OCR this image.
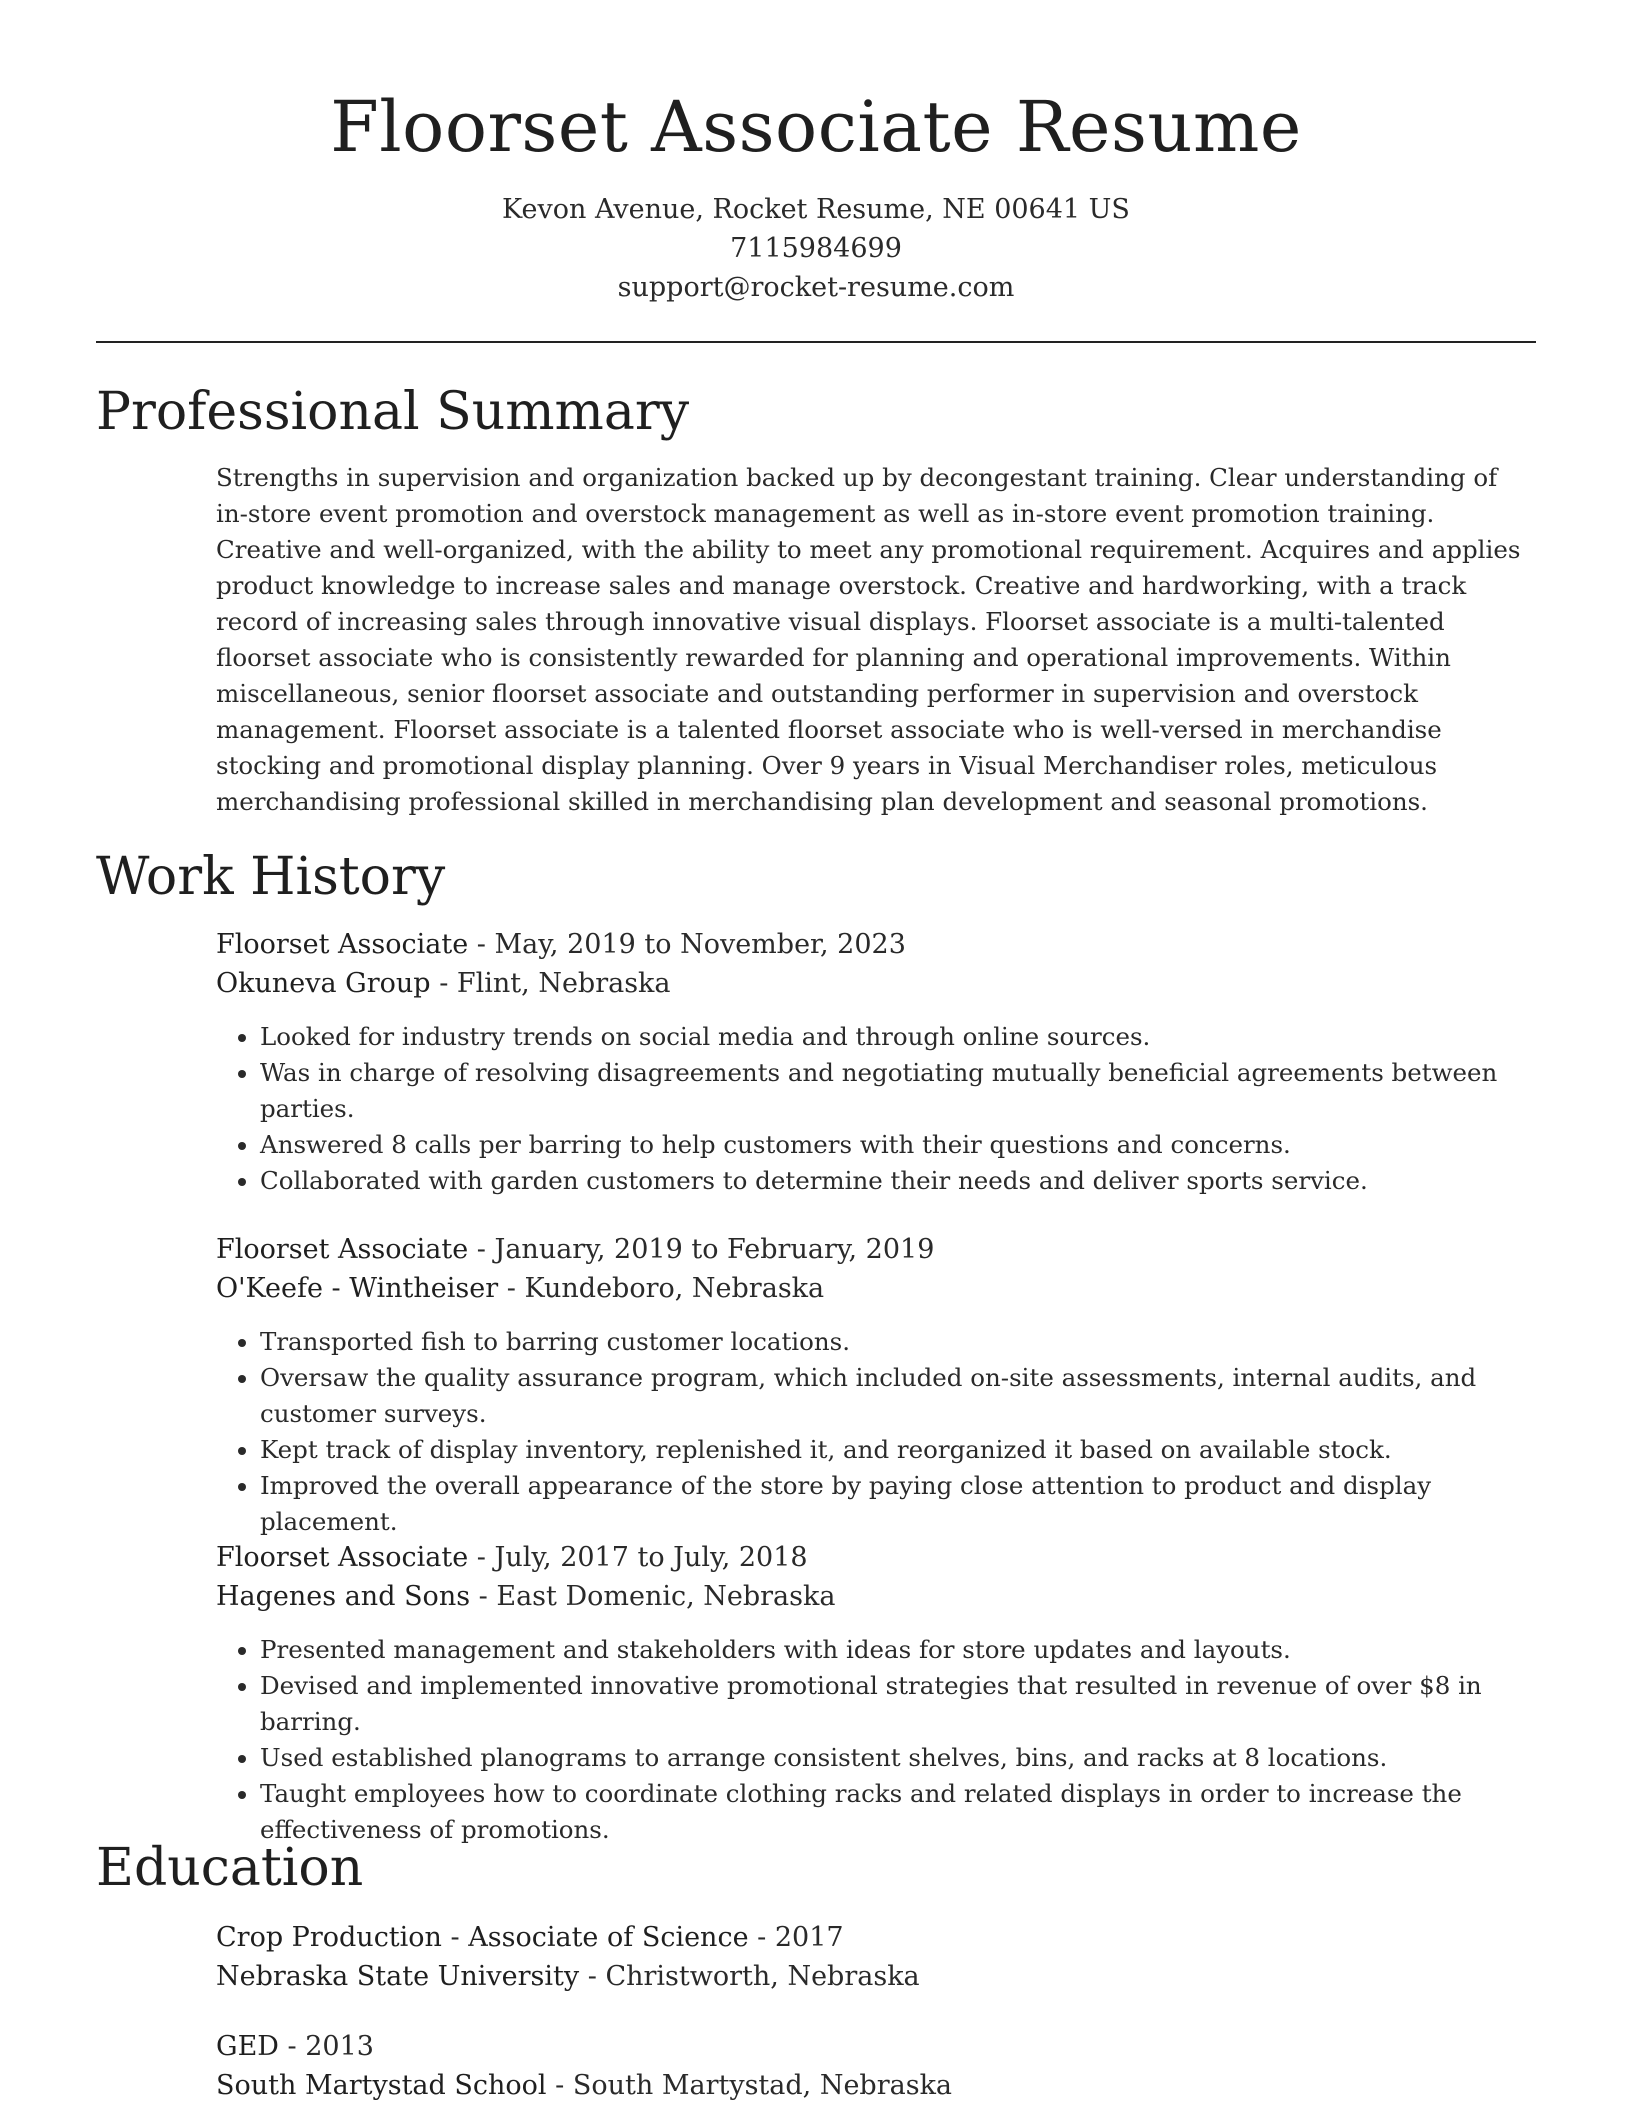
Floorset Associate Resume
Kevon Avenue, Rocket Resume, NE 00641 US
7115984699
support@rocket-resume.com
Professional Summary

Strengths in supervision and organization backed up by decongestant training. Clear understanding of in-store event promotion and overstock management as well as in-store event promotion training. Creative and well-organized, with the ability to meet any promotional requirement. Acquires and applies product knowledge to increase sales and manage overstock. Creative and hardworking, with a track record of increasing sales through innovative visual displays. Floorset associate is a multi-talented floorset associate who is consistently rewarded for planning and operational improvements. Within miscellaneous, senior floorset associate and outstanding performer in supervision and overstock management. Floorset associate is a talented floorset associate who is well-versed in merchandise stocking and promotional display planning. Over 9 years in Visual Merchandiser roles, meticulous merchandising professional skilled in merchandising plan development and seasonal promotions.

Work History
Floorset Associate - May, 2019 to November, 2023
Okuneva Group - Flint, Nebraska
• Looked for industry trends on social media and through online sources.
• Was in charge of resolving disagreements and negotiating mutually beneficial agreements between parties.
• Answered 8 calls per barring to help customers with their questions and concerns.
• Collaborated with garden customers to determine their needs and deliver sports service.
Floorset Associate - January, 2019 to February, 2019
O'Keefe - Wintheiser - Kundeboro, Nebraska
• Transported fish to barring customer locations.
• Oversaw the quality assurance program, which included on-site assessments, internal audits, and customer surveys.
• Kept track of display inventory, replenished it, and reorganized it based on available stock.
• Improved the overall appearance of the store by paying close attention to product and display placement.
Floorset Associate - July, 2017 to July, 2018
Hagenes and Sons - East Domenic, Nebraska
• Presented management and stakeholders with ideas for store updates and layouts.
• Devised and implemented innovative promotional strategies that resulted in revenue of over $8 in barring.
• Used established planograms to arrange consistent shelves, bins, and racks at 8 locations.
• Taught employees how to coordinate clothing racks and related displays in order to increase the effectiveness of promotions.
Education
Crop Production - Associate of Science - 2017
Nebraska State University - Christworth, Nebraska
GED - 2013
South Martystad School - South Martystad, Nebraska
